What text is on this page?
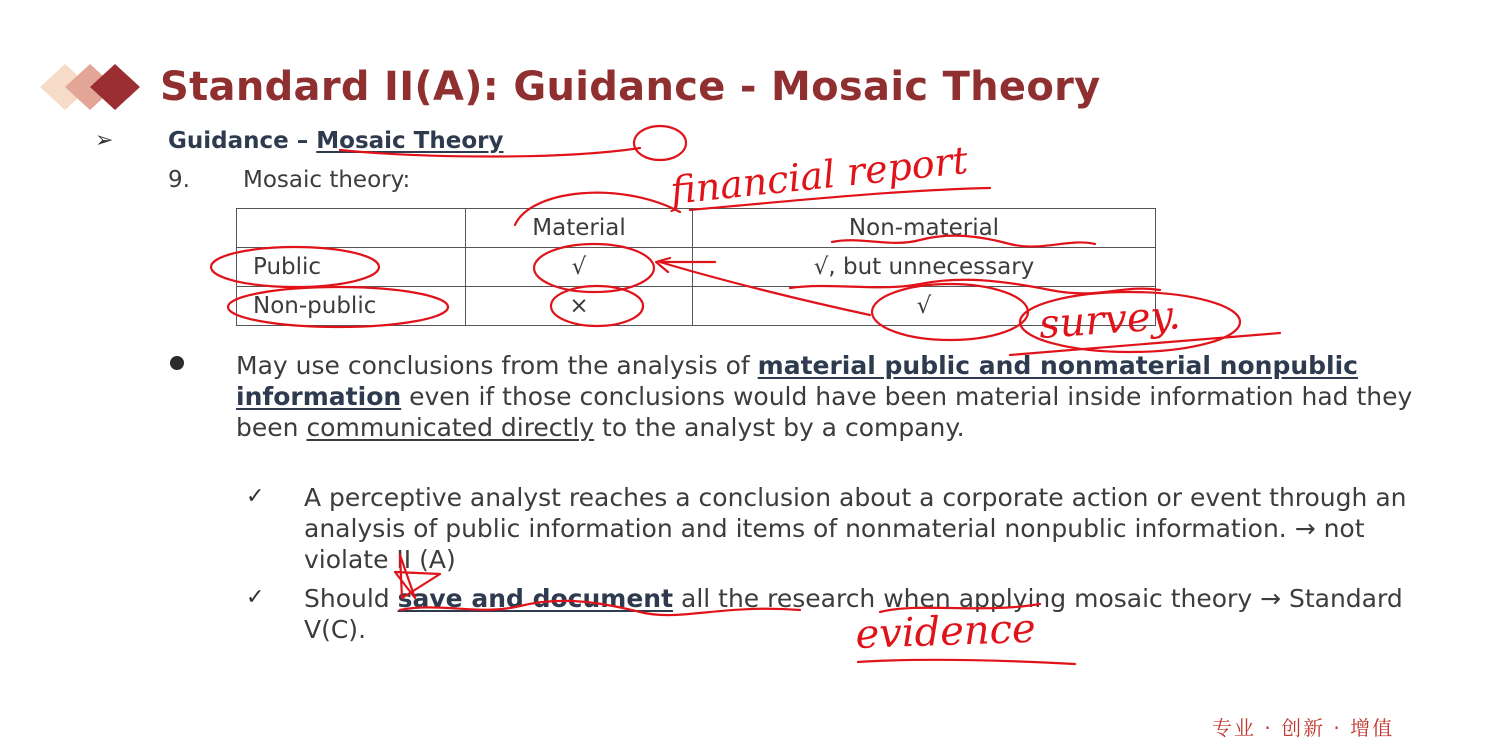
Standard II(A): Guidance - Mosaic Theory
➢ Guidance – Mosaic Theory
9. Mosaic theory:
	Material	Non-material
Public	√	√, but unnecessary
Non-public	×	√
May use conclusions from the analysis of material public and nonmaterial nonpublic information even if those conclusions would have been material inside information had they been communicated directly to the analyst by a company.
✓ A perceptive analyst reaches a conclusion about a corporate action or event through an analysis of public information and items of nonmaterial nonpublic information. → not violate II (A)
✓ Should save and document all the research when applying mosaic theory → Standard V(C).
专业 · 创新 · 增值
financial report
survey.
evidence
